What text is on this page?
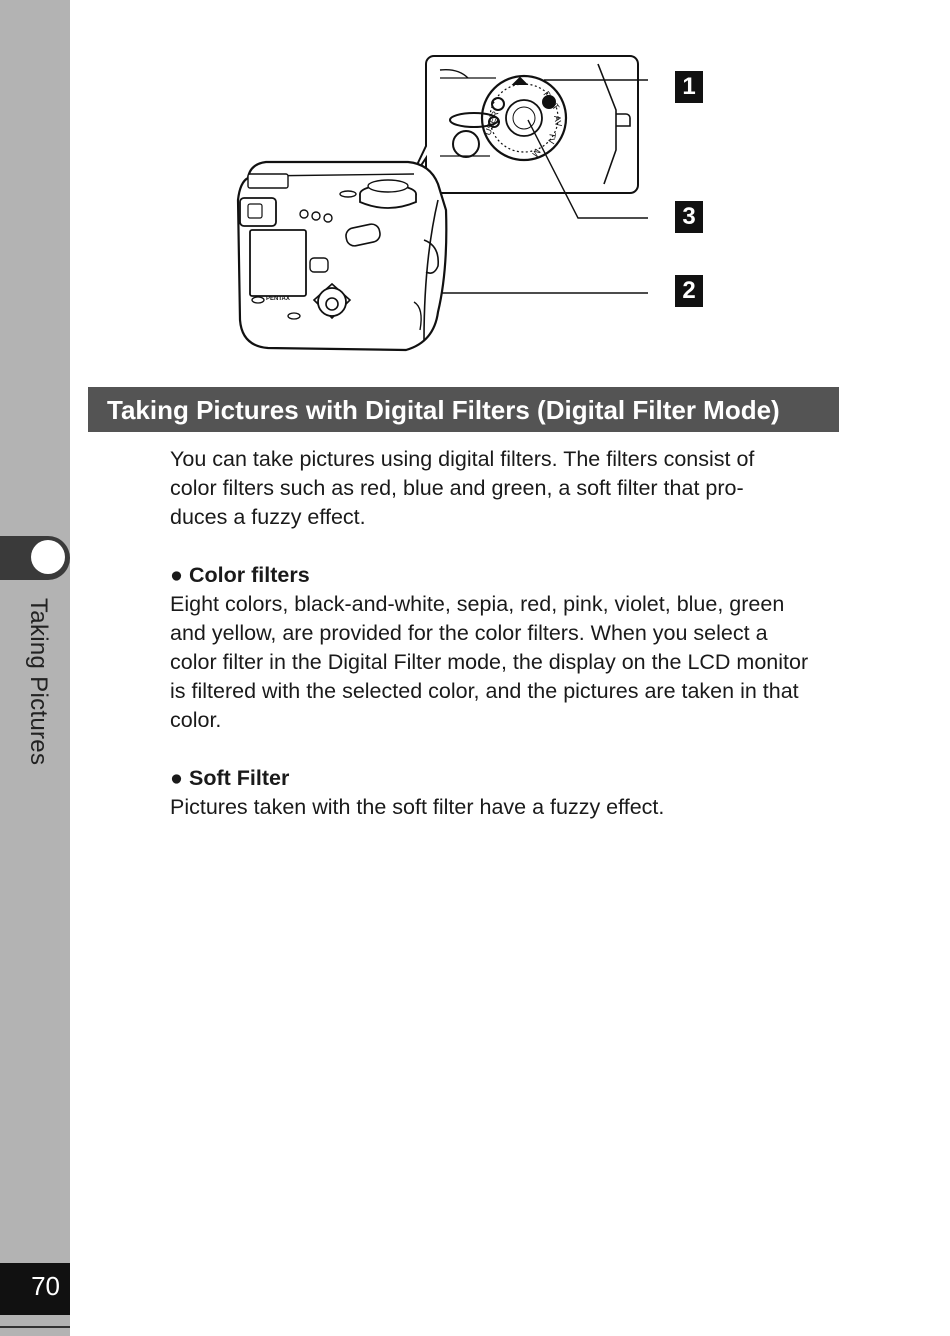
Taking Pictures
70
PICT
AV
TV
M
USER
PENTAX
1
3
2
Taking Pictures with Digital Filters (Digital Filter Mode)

You can take pictures using digital filters. The filters consist of

color filters such as red, blue and green, a soft filter that pro-

duces a fuzzy effect.

● Color filters

Eight colors, black-and-white, sepia, red, pink, violet, blue, green

and yellow, are provided for the color filters. When you select a

color filter in the Digital Filter mode, the display on the LCD monitor

is filtered with the selected color, and the pictures are taken in that

color.

● Soft Filter

Pictures taken with the soft filter have a fuzzy effect.
